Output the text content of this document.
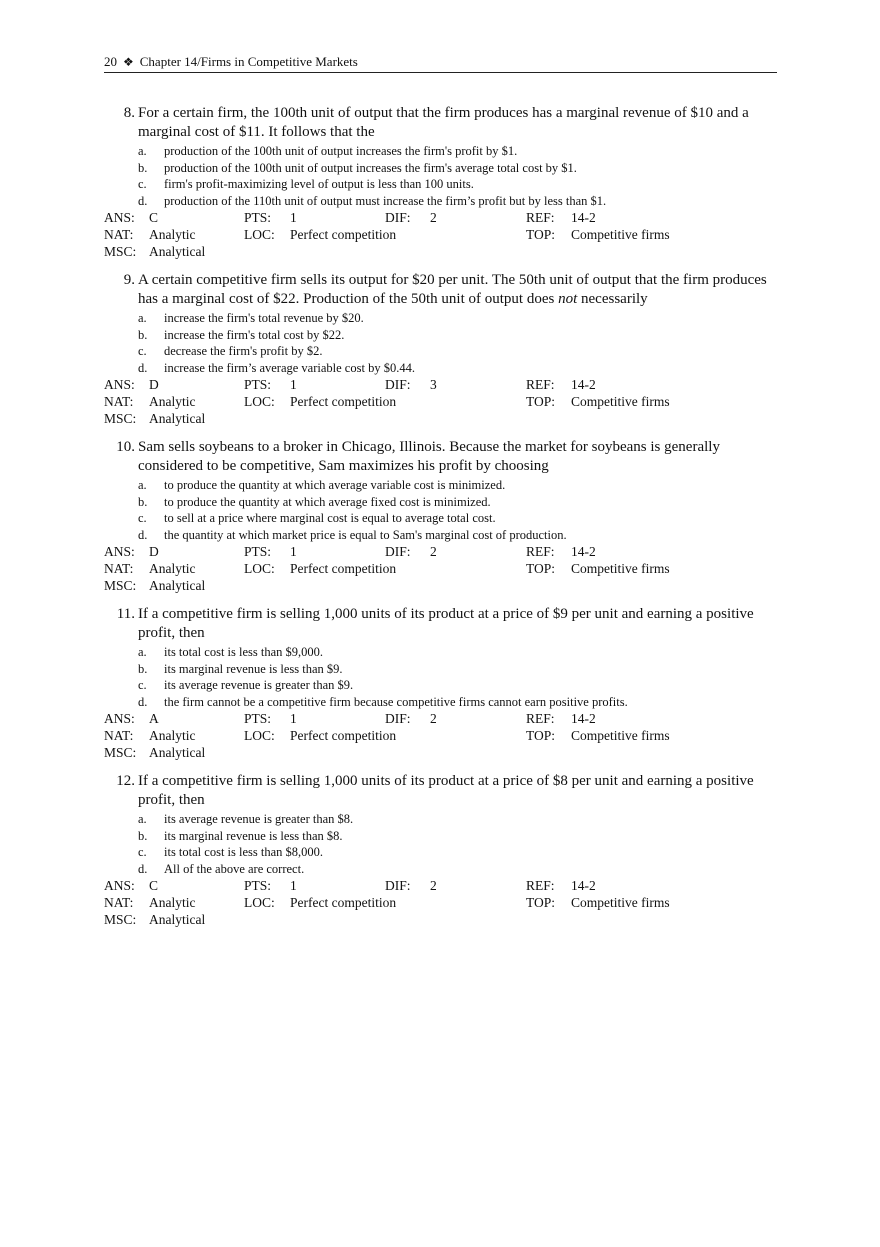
20 ❖ Chapter 14/Firms in Competitive Markets
8. For a certain firm, the 100th unit of output that the firm produces has a marginal revenue of $10 and a marginal cost of $11. It follows that the
a. production of the 100th unit of output increases the firm's profit by $1.
b. production of the 100th unit of output increases the firm's average total cost by $1.
c. firm's profit-maximizing level of output is less than 100 units.
d. production of the 110th unit of output must increase the firm’s profit but by less than $1.
ANS: C	PTS: 1	DIF: 2	REF: 14-2
NAT: Analytic	LOC: Perfect competition	TOP: Competitive firms
MSC: Analytical
9. A certain competitive firm sells its output for $20 per unit. The 50th unit of output that the firm produces has a marginal cost of $22. Production of the 50th unit of output does not necessarily
a. increase the firm's total revenue by $20.
b. increase the firm's total cost by $22.
c. decrease the firm's profit by $2.
d. increase the firm’s average variable cost by $0.44.
ANS: D	PTS: 1	DIF: 3	REF: 14-2
NAT: Analytic	LOC: Perfect competition	TOP: Competitive firms
MSC: Analytical
10. Sam sells soybeans to a broker in Chicago, Illinois. Because the market for soybeans is generally considered to be competitive, Sam maximizes his profit by choosing
a. to produce the quantity at which average variable cost is minimized.
b. to produce the quantity at which average fixed cost is minimized.
c. to sell at a price where marginal cost is equal to average total cost.
d. the quantity at which market price is equal to Sam's marginal cost of production.
ANS: D	PTS: 1	DIF: 2	REF: 14-2
NAT: Analytic	LOC: Perfect competition	TOP: Competitive firms
MSC: Analytical
11. If a competitive firm is selling 1,000 units of its product at a price of $9 per unit and earning a positive profit, then
a. its total cost is less than $9,000.
b. its marginal revenue is less than $9.
c. its average revenue is greater than $9.
d. the firm cannot be a competitive firm because competitive firms cannot earn positive profits.
ANS: A	PTS: 1	DIF: 2	REF: 14-2
NAT: Analytic	LOC: Perfect competition	TOP: Competitive firms
MSC: Analytical
12. If a competitive firm is selling 1,000 units of its product at a price of $8 per unit and earning a positive profit, then
a. its average revenue is greater than $8.
b. its marginal revenue is less than $8.
c. its total cost is less than $8,000.
d. All of the above are correct.
ANS: C	PTS: 1	DIF: 2	REF: 14-2
NAT: Analytic	LOC: Perfect competition	TOP: Competitive firms
MSC: Analytical
